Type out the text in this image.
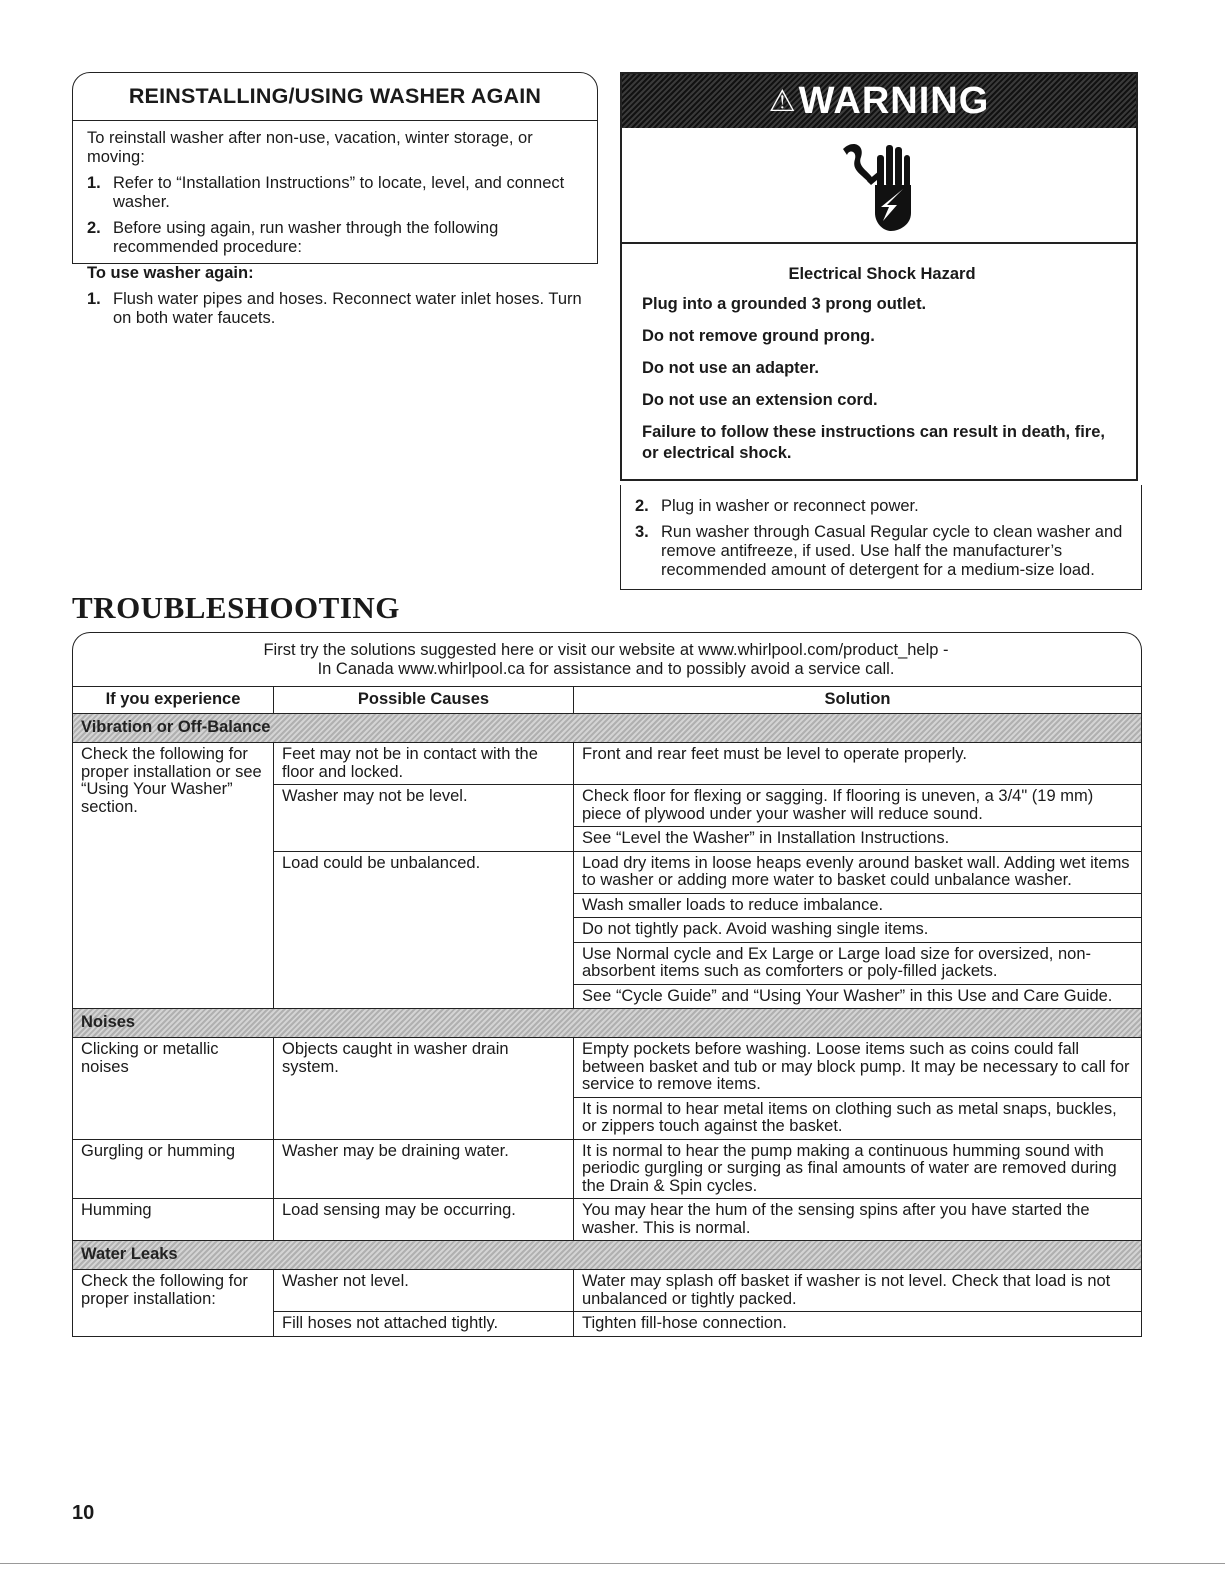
REINSTALLING/USING WASHER AGAIN
To reinstall washer after non-use, vacation, winter storage, or moving:
1. Refer to “Installation Instructions” to locate, level, and connect washer.
2. Before using again, run washer through the following recommended procedure:
To use washer again:
1. Flush water pipes and hoses. Reconnect water inlet hoses. Turn on both water faucets.
⚠ WARNING
Electrical Shock Hazard
Plug into a grounded 3 prong outlet.
Do not remove ground prong.
Do not use an adapter.
Do not use an extension cord.
Failure to follow these instructions can result in death, fire, or electrical shock.
2. Plug in washer or reconnect power.
3. Run washer through Casual Regular cycle to clean washer and remove antifreeze, if used. Use half the manufacturer’s recommended amount of detergent for a medium-size load.
TROUBLESHOOTING
First try the solutions suggested here or visit our website at www.whirlpool.com/product_help -
In Canada www.whirlpool.ca for assistance and to possibly avoid a service call.
If you experience	Possible Causes	Solution
Vibration or Off-Balance		
Check the following for proper installation or see “Using Your Washer” section.	Feet may not be in contact with the floor and locked.	Front and rear feet must be level to operate properly.
	Washer may not be level.	Check floor for flexing or sagging. If flooring is uneven, a 3/4" (19 mm) piece of plywood under your washer will reduce sound.
		See “Level the Washer” in Installation Instructions.
	Load could be unbalanced.	Load dry items in loose heaps evenly around basket wall. Adding wet items to washer or adding more water to basket could unbalance washer.
		Wash smaller loads to reduce imbalance.
		Do not tightly pack. Avoid washing single items.
		Use Normal cycle and Ex Large or Large load size for oversized, non-absorbent items such as comforters or poly-filled jackets.
		See “Cycle Guide” and “Using Your Washer” in this Use and Care Guide.
Noises		
Clicking or metallic noises	Objects caught in washer drain system.	Empty pockets before washing. Loose items such as coins could fall between basket and tub or may block pump. It may be necessary to call for service to remove items.
		It is normal to hear metal items on clothing such as metal snaps, buckles, or zippers touch against the basket.
Gurgling or humming	Washer may be draining water.	It is normal to hear the pump making a continuous humming sound with periodic gurgling or surging as final amounts of water are removed during the Drain & Spin cycles.
Humming	Load sensing may be occurring.	You may hear the hum of the sensing spins after you have started the washer. This is normal.
Water Leaks		
Check the following for proper installation:	Washer not level.	Water may splash off basket if washer is not level. Check that load is not unbalanced or tightly packed.
	Fill hoses not attached tightly.	Tighten fill-hose connection.
10
